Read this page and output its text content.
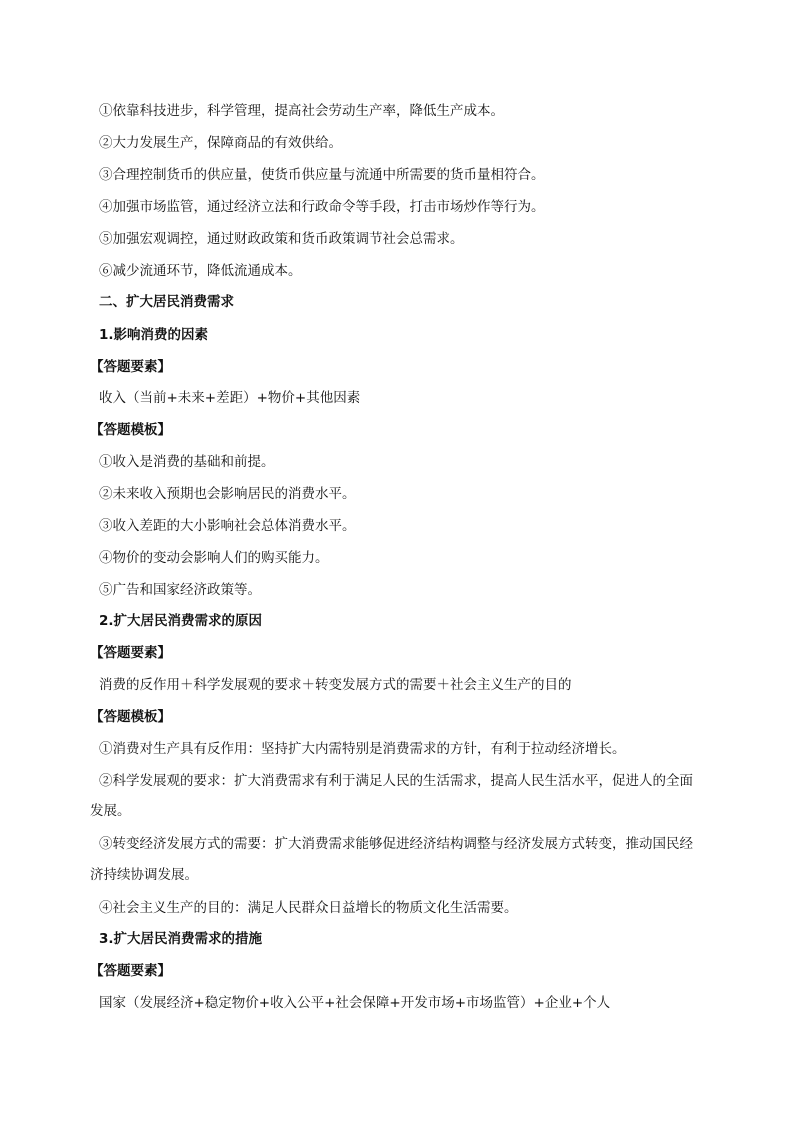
①依靠科技进步，科学管理，提高社会劳动生产率，降低生产成本。
②大力发展生产，保障商品的有效供给。
③合理控制货币的供应量，使货币供应量与流通中所需要的货币量相符合。
④加强市场监管，通过经济立法和行政命令等手段，打击市场炒作等行为。
⑤加强宏观调控，通过财政政策和货币政策调节社会总需求。
⑥减少流通环节，降低流通成本。
二、扩大居民消费需求
1.影响消费的因素
【答题要素】
收入（当前+未来+差距）+物价+其他因素
【答题模板】
①收入是消费的基础和前提。
②未来收入预期也会影响居民的消费水平。
③收入差距的大小影响社会总体消费水平。
④物价的变动会影响人们的购买能力。
⑤广告和国家经济政策等。
2.扩大居民消费需求的原因
【答题要素】
消费的反作用＋科学发展观的要求＋转变发展方式的需要＋社会主义生产的目的
【答题模板】
①消费对生产具有反作用：坚持扩大内需特别是消费需求的方针，有利于拉动经济增长。
②科学发展观的要求：扩大消费需求有利于满足人民的生活需求，提高人民生活水平，促进人的全面
发展。
③转变经济发展方式的需要：扩大消费需求能够促进经济结构调整与经济发展方式转变，推动国民经
济持续协调发展。
④社会主义生产的目的：满足人民群众日益增长的物质文化生活需要。
3.扩大居民消费需求的措施
【答题要素】
国家（发展经济+稳定物价+收入公平+社会保障+开发市场+市场监管）+企业+个人
